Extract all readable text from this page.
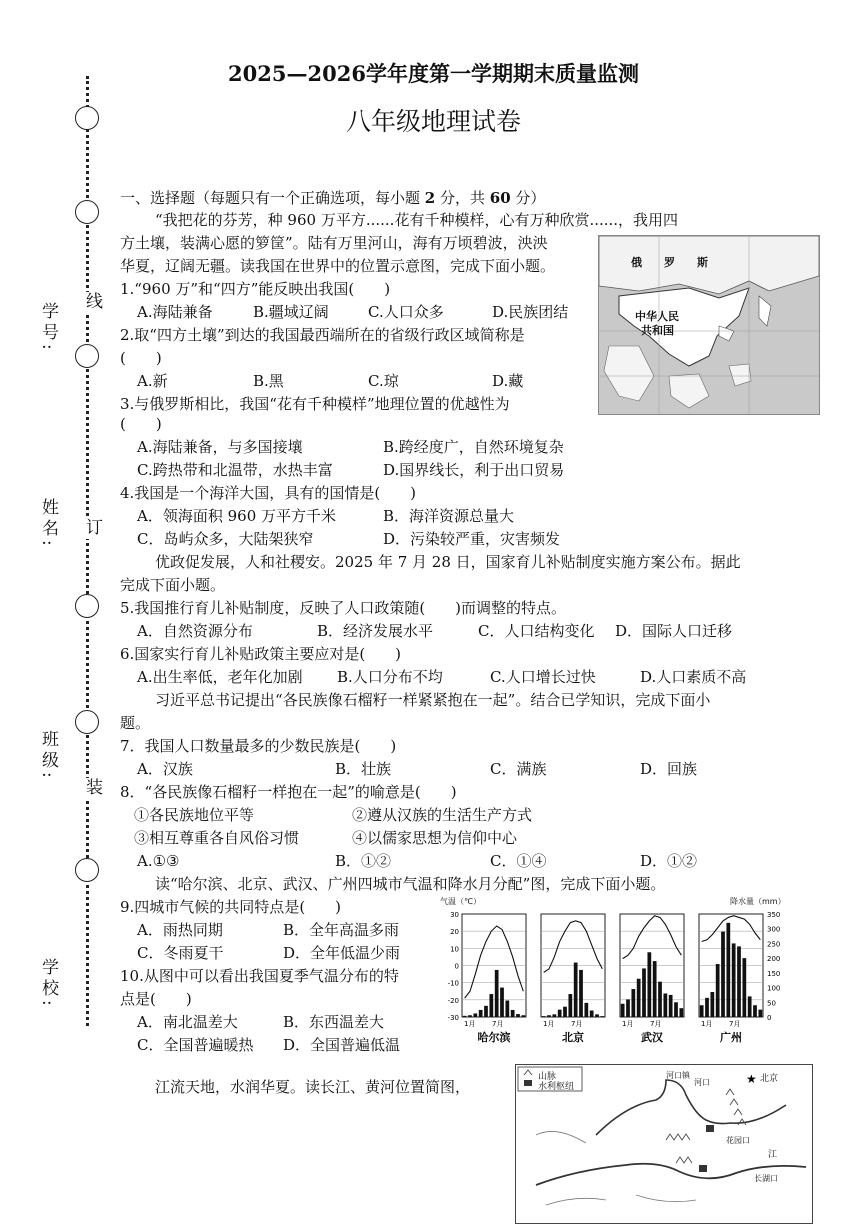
2025—2026学年度第一学期期末质量监测
八年级地理试卷
学号:
姓名:
班级:
学校:
线
订
装
一、选择题（每题只有一个正确选项，每小题 2 分，共 60 分）
“我把花的芬芳，种 960 万平方......花有千种模样，心有万种欣赏......，我用四
方土壤，装满心愿的箩筐”。陆有万里河山，海有万顷碧波，泱泱
华夏，辽阔无疆。读我国在世界中的位置示意图，完成下面小题。	俄　　罗　　斯
中华人民
共和国
1.“960 万”和“四方”能反映出我国(　　)
A.海陆兼备	B.疆域辽阔	C.人口众多	D.民族团结
2.取“四方土壤”到达的我国最西端所在的省级行政区域简称是
(　　)
A.新	B.黑	C.琼	D.藏
3.与俄罗斯相比，我国“花有千种模样”地理位置的优越性为
(　　)
A.海陆兼备，与多国接壤	B.跨经度广，自然环境复杂
C.跨热带和北温带，水热丰富	D.国界线长，利于出口贸易
4.我国是一个海洋大国，具有的国情是(　　)
A．领海面积 960 万平方千米	B．海洋资源总量大
C．岛屿众多，大陆架狭窄	D．污染较严重，灾害频发
优政促发展，人和社稷安。2025 年 7 月 28 日，国家育儿补贴制度实施方案公布。据此
完成下面小题。
5.我国推行育儿补贴制度，反映了人口政策随(　　)而调整的特点。
A．自然资源分布	B．经济发展水平	C．人口结构变化 D．国际人口迁移
6.国家实行育儿补贴政策主要应对是(　　)
A.出生率低，老年化加剧 B.人口分布不均	C.人口增长过快	D.人口素质不高
习近平总书记提出“各民族像石榴籽一样紧紧抱在一起”。结合已学知识，完成下面小
题。
7．我国人口数量最多的少数民族是(　　)
A．汉族	B．壮族	C．满族	D．回族
8．“各民族像石榴籽一样抱在一起”的喻意是(　　)
①各民族地位平等	②遵从汉族的生活生产方式
③相互尊重各自风俗习惯	④以儒家思想为信仰中心
A.①③	B．①②	C．①④	D．①②
读“哈尔滨、北京、武汉、广州四城市气温和降水月分配”图，完成下面小题。
9.四城市气候的共同特点是(　　)
A．雨热同期	B．全年高温多雨
C．冬雨夏干	D．全年低温少雨
10.从图中可以看出我国夏季气温分布的特
点是(　　)
A．南北温差大	B．东西温差大
C．全国普遍暖热 D．全国普遍低温
气温（℃）	降水量（mm）
30
20
10
0
-10
-20
-30
350
300
250
200
150
100
50
0
1月 7月
哈尔滨
1月 7月
北京
1月 7月
武汉
1月 7月
广州
江流天地，水润华夏。读长江、黄河位置简图，	★
山脉
水利枢纽
北京
河口
河口镇
花园口
江
长湖口
